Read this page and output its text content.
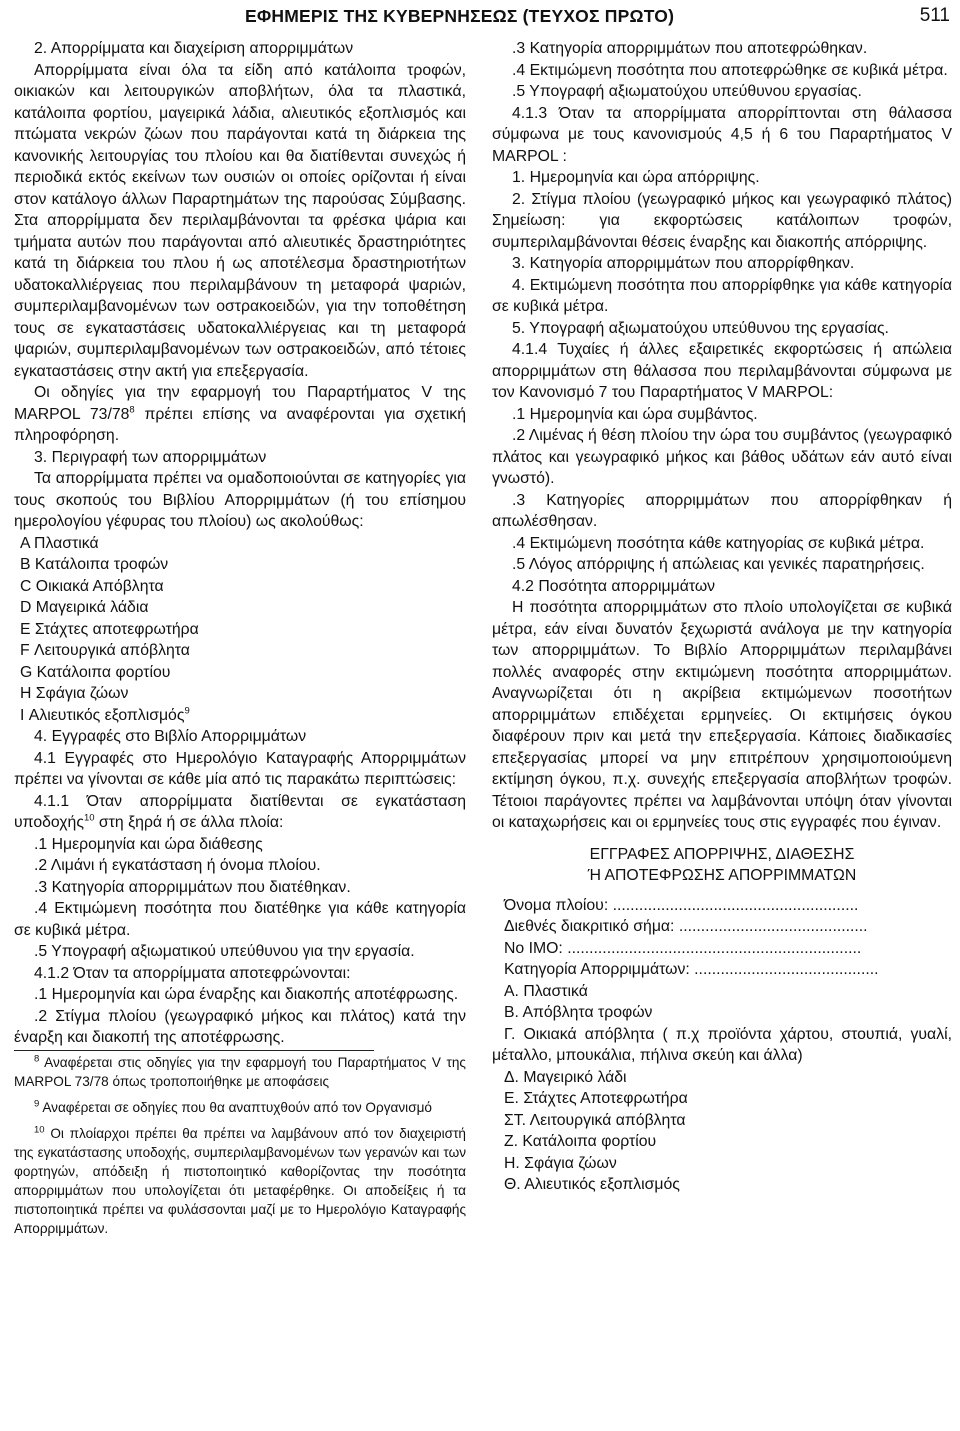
ΕΦΗΜΕΡΙΣ ΤΗΣ ΚΥΒΕΡΝΗΣΕΩΣ (ΤΕΥΧΟΣ ΠΡΩΤΟ)	511

2. Απορρίμματα και διαχείριση απορριμμάτων

Απορρίμματα είναι όλα τα είδη από κατάλοιπα τροφών, οικιακών και λειτουργικών αποβλήτων, όλα τα πλαστικά, κατάλοιπα φορτίου, μαγειρικά λάδια, αλιευτικός εξοπλισμός και πτώματα νεκρών ζώων που παράγονται κατά τη διάρκεια της κανονικής λειτουργίας του πλοίου και θα διατίθενται συνεχώς ή περιοδικά εκτός εκείνων των ουσιών οι οποίες ορίζονται ή είναι στον κατάλογο άλλων Παραρτημάτων της παρούσας Σύμβασης. Στα απορρίμματα δεν περιλαμβάνονται τα φρέσκα ψάρια και τμήματα αυτών που παράγονται από αλιευτικές δραστηριότητες κατά τη διάρκεια του πλου ή ως αποτέλεσμα δραστηριοτήτων υδατοκαλλιέργειας που περιλαμβάνουν τη μεταφορά ψαριών, συμπεριλαμβανομένων των οστρακοειδών, για την τοποθέτηση τους σε εγκαταστάσεις υδατοκαλλιέργειας και τη μεταφορά ψαριών, συμπεριλαμβανομένων των οστρακοειδών, από τέτοιες εγκαταστάσεις στην ακτή για επεξεργασία.

Οι οδηγίες για την εφαρμογή του Παραρτήματος V της MARPOL $73/78^8$ πρέπει επίσης να αναφέρονται για σχετική πληροφόρηση.

3. Περιγραφή των απορριμμάτων

Τα απορρίμματα πρέπει να ομαδοποιούνται σε κατηγορίες για τους σκοπούς του Βιβλίου Απορριμμάτων (ή του επίσημου ημερολογίου γέφυρας του πλοίου) ως ακολούθως:

Α Πλαστικά

Β Κατάλοιπα τροφών

C Οικιακά Απόβλητα

D Μαγειρικά λάδια

E Στάχτες αποτεφρωτήρα

F Λειτουργικά απόβλητα

G Κατάλοιπα φορτίου

H Σφάγια ζώων

I Αλιευτικός εξοπλισμός$^9$

4. Εγγραφές στο Βιβλίο Απορριμμάτων

4.1 Εγγραφές στο Ημερολόγιο Καταγραφής Απορριμμάτων πρέπει να γίνονται σε κάθε μία από τις παρακάτω περιπτώσεις:

4.1.1 Όταν απορρίμματα διατίθενται σε εγκατάσταση υποδοχής$^{10}$ στη ξηρά ή σε άλλα πλοία:

.1 Ημερομηνία και ώρα διάθεσης

.2 Λιμάνι ή εγκατάσταση ή όνομα πλοίου.

.3 Κατηγορία απορριμμάτων που διατέθηκαν.

.4 Εκτιμώμενη ποσότητα που διατέθηκε για κάθε κατηγορία σε κυβικά μέτρα.

.5 Υπογραφή αξιωματικού υπεύθυνου για την εργασία.

4.1.2 Όταν τα απορρίμματα αποτεφρώνονται:

.1 Ημερομηνία και ώρα έναρξης και διακοπής αποτέφρωσης.

.2 Στίγμα πλοίου (γεωγραφικό μήκος και πλάτος) κατά την έναρξη και διακοπή της αποτέφρωσης.

$^8$ Αναφέρεται στις οδηγίες για την εφαρμογή του Παραρτήματος V της MARPOL 73/78 όπως τροποποιήθηκε με αποφάσεις

$^9$ Αναφέρεται σε οδηγίες που θα αναπτυχθούν από τον Οργανισμό

$^{10}$ Οι πλοίαρχοι πρέπει θα πρέπει να λαμβάνουν από τον διαχειριστή της εγκατάστασης υποδοχής, συμπεριλαμβανομένων των γερανών και των φορτηγών, απόδειξη ή πιστοποιητικό καθορίζοντας την ποσότητα απορριμμάτων που υπολογίζεται ότι μεταφέρθηκε. Οι αποδείξεις ή τα πιστοποιητικά πρέπει να φυλάσσονται μαζί με το Ημερολόγιο Καταγραφής Απορριμμάτων.

.3 Κατηγορία απορριμμάτων που αποτεφρώθηκαν.

.4 Εκτιμώμενη ποσότητα που αποτεφρώθηκε σε κυβικά μέτρα.

.5 Υπογραφή αξιωματούχου υπεύθυνου εργασίας.

4.1.3 Όταν τα απορρίμματα απορρίπτονται στη θάλασσα σύμφωνα με τους κανονισμούς 4,5 ή 6 του Παραρτήματος V MARPOL :

1. Ημερομηνία και ώρα απόρριψης.

2. Στίγμα πλοίου (γεωγραφικό μήκος και γεωγραφικό πλάτος) Σημείωση: για εκφορτώσεις κατάλοιπων τροφών, συμπεριλαμβάνονται θέσεις έναρξης και διακοπής απόρριψης.

3. Κατηγορία απορριμμάτων που απορρίφθηκαν.

4. Εκτιμώμενη ποσότητα που απορρίφθηκε για κάθε κατηγορία σε κυβικά μέτρα.

5. Υπογραφή αξιωματούχου υπεύθυνου της εργασίας.

4.1.4 Τυχαίες ή άλλες εξαιρετικές εκφορτώσεις ή απώλεια απορριμμάτων στη θάλασσα που περιλαμβάνονται σύμφωνα με τον Κανονισμό 7 του Παραρτήματος V MARPOL:

.1 Ημερομηνία και ώρα συμβάντος.

.2 Λιμένας ή θέση πλοίου την ώρα του συμβάντος (γεωγραφικό πλάτος και γεωγραφικό μήκος και βάθος υδάτων εάν αυτό είναι γνωστό).

.3 Κατηγορίες απορριμμάτων που απορρίφθηκαν ή απωλέσθησαν.

.4 Εκτιμώμενη ποσότητα κάθε κατηγορίας σε κυβικά μέτρα.

.5 Λόγος απόρριψης ή απώλειας και γενικές παρατηρήσεις.

4.2 Ποσότητα απορριμμάτων

Η ποσότητα απορριμμάτων στο πλοίο υπολογίζεται σε κυβικά μέτρα, εάν είναι δυνατόν ξεχωριστά ανάλογα με την κατηγορία των απορριμμάτων. Το Βιβλίο Απορριμμάτων περιλαμβάνει πολλές αναφορές στην εκτιμώμενη ποσότητα απορριμμάτων. Αναγνωρίζεται ότι η ακρίβεια εκτιμώμενων ποσοτήτων απορριμμάτων επιδέχεται ερμηνείες. Οι εκτιμήσεις όγκου διαφέρουν πριν και μετά την επεξεργασία. Κάποιες διαδικασίες επεξεργασίας μπορεί να μην επιτρέπουν χρησιμοποιούμενη εκτίμηση όγκου, π.χ. συνεχής επεξεργασία αποβλήτων τροφών. Τέτοιοι παράγοντες πρέπει να λαμβάνονται υπόψη όταν γίνονται οι καταχωρήσεις και οι ερμηνείες τους στις εγγραφές που έγιναν.

ΕΓΓΡΑΦΕΣ ΑΠΟΡΡΙΨΗΣ, ΔΙΑΘΕΣΗΣ

Ή ΑΠΟΤΕΦΡΩΣΗΣ ΑΠΟΡΡΙΜΜΑΤΩΝ

Όνομα πλοίου: ........................................................

Διεθνές διακριτικό σήμα: ...........................................

Νο ΙΜΟ: ...................................................................

Κατηγορία Απορριμμάτων: ..........................................

Α. Πλαστικά

Β. Απόβλητα τροφών

Γ. Οικιακά απόβλητα ( π.χ προϊόντα χάρτου, στουπιά, γυαλί, μέταλλο, μπουκάλια, πήλινα σκεύη και άλλα)

Δ. Μαγειρικό λάδι

Ε. Στάχτες Αποτεφρωτήρα

ΣΤ. Λειτουργικά απόβλητα

Ζ. Κατάλοιπα φορτίου

Η. Σφάγια ζώων

Θ. Αλιευτικός εξοπλισμός
